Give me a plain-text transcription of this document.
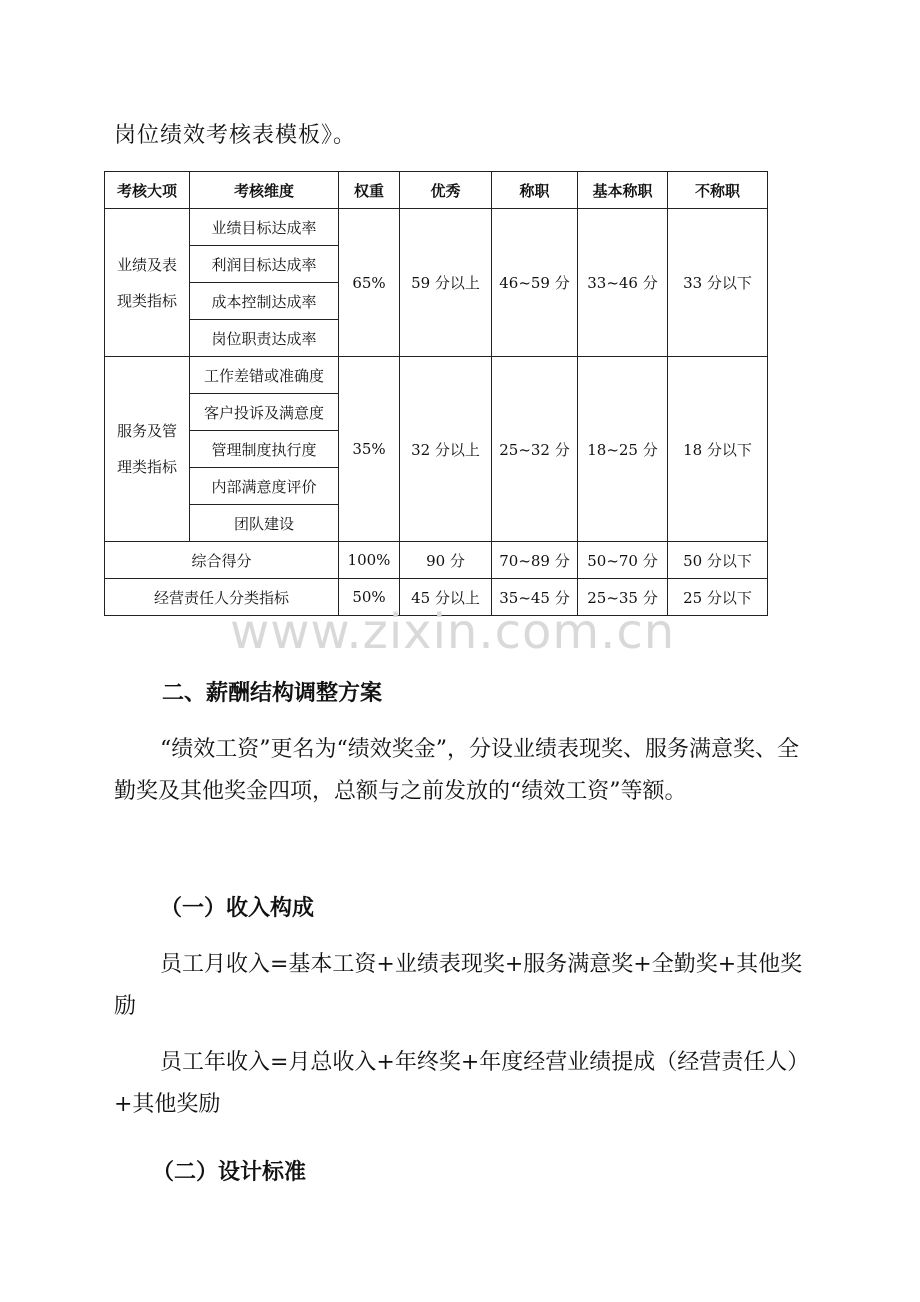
岗位绩效考核表模板》。
考核大项	考核维度	权重	优秀	称职	基本称职	不称职
业绩及表现类指标	业绩目标达成率	65%	59 分以上	46~59 分	33~46 分	33 分以下
	利润目标达成率					
	成本控制达成率					
	岗位职责达成率					
服务及管理类指标	工作差错或准确度	35%	32 分以上	25~32 分	18~25 分	18 分以下
	客户投诉及满意度					
	管理制度执行度					
	内部满意度评价					
	团队建设					
综合得分		100%	90 分	70~89 分	50~70 分	50 分以下
经营责任人分类指标		50%	45 分以上	35~45 分	25~35 分	25 分以下
www.zixin.com.cn
二、薪酬结构调整方案
“绩效工资”更名为“绩效奖金”，分设业绩表现奖、服务满意奖、全勤奖及其他奖金四项，总额与之前发放的“绩效工资”等额。
（一）收入构成
员工月收入=基本工资+业绩表现奖+服务满意奖+全勤奖+其他奖励
员工年收入=月总收入+年终奖+年度经营业绩提成（经营责任人）+其他奖励
（二）设计标准
